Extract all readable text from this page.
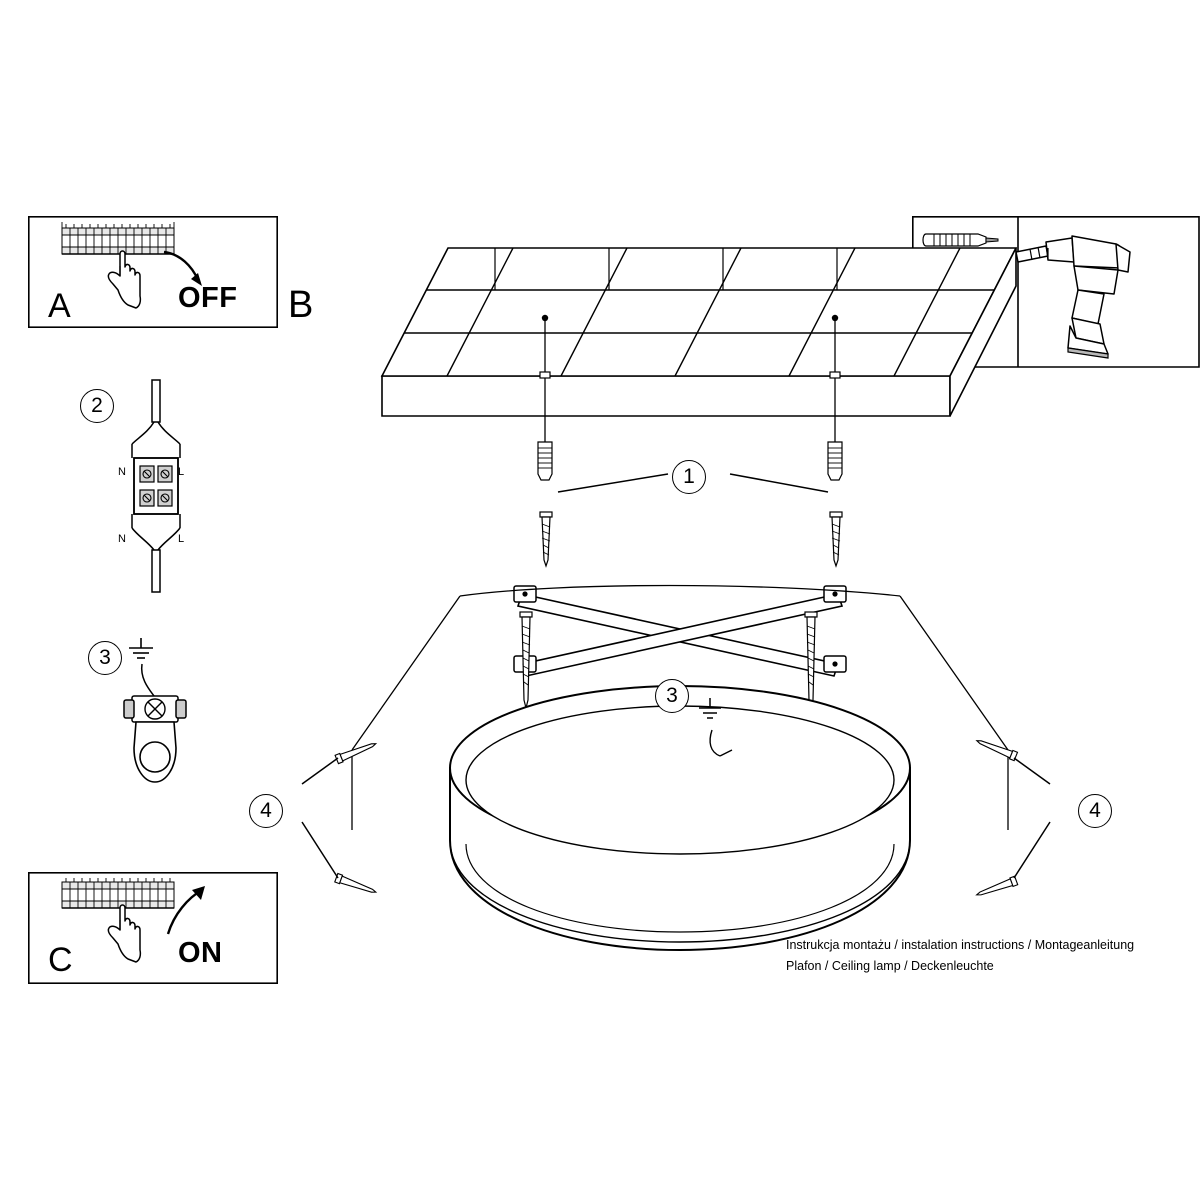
A	OFF B
2
N	L
N	L
3
C	ON
1
3
4	4
Instrukcja montażu / instalation instructions / Montageanleitung
Plafon / Ceiling lamp / Deckenleuchte
